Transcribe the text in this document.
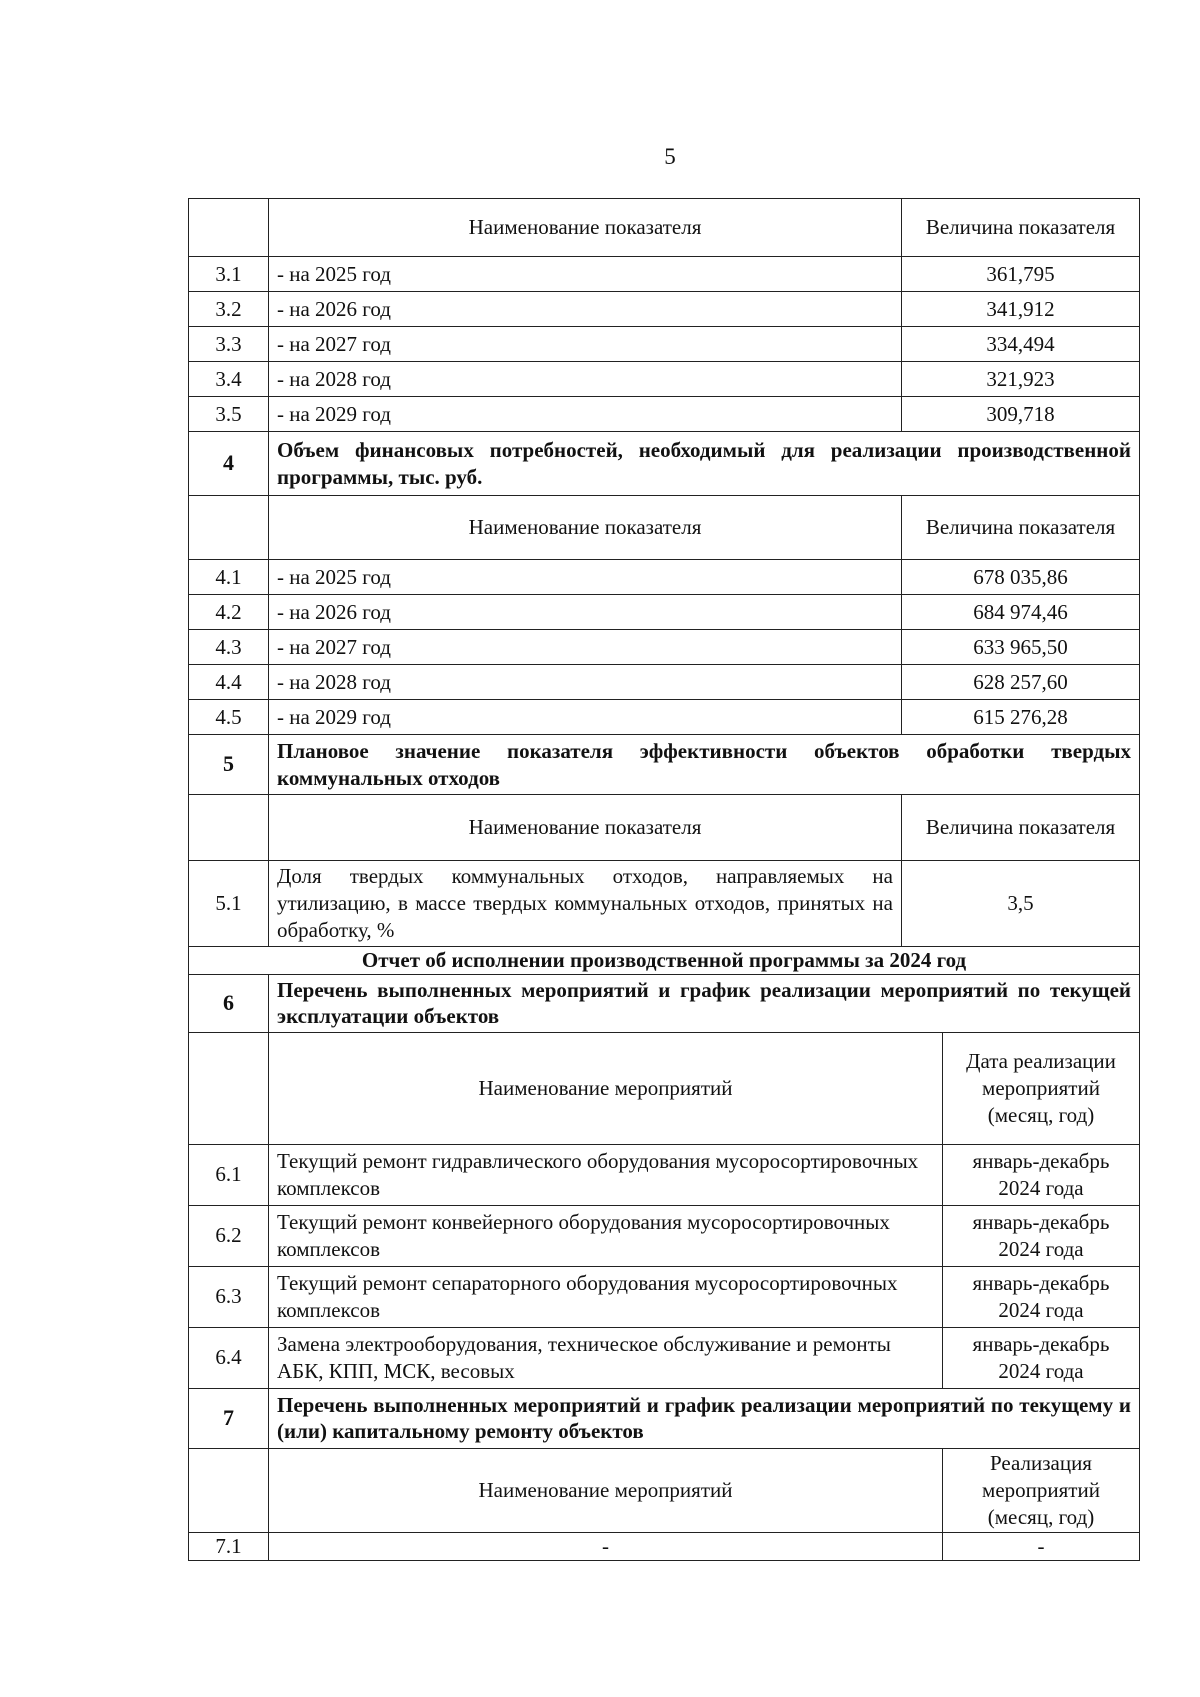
5
	Наименование показателя	Величина показателя	
3.1	- на 2025 год	361,795	
3.2	- на 2026 год	341,912	
3.3	- на 2027 год	334,494	
3.4	- на 2028 год	321,923	
3.5	- на 2029 год	309,718	
4	Объем финансовых потребностей, необходимый для реализации производственной программы, тыс. руб.		
	Наименование показателя	Величина показателя	
4.1	- на 2025 год	678 035,86	
4.2	- на 2026 год	684 974,46	
4.3	- на 2027 год	633 965,50	
4.4	- на 2028 год	628 257,60	
4.5	- на 2029 год	615 276,28	
5	Плановое значение показателя эффективности объектов обработки твердых коммунальных отходов		
	Наименование показателя	Величина показателя	
5.1	Доля твердых коммунальных отходов, направляемых на утилизацию, в массе твердых коммунальных отходов, принятых на обработку, %	3,5	
Отчет об исполнении производственной программы за 2024 год			
6	Перечень выполненных мероприятий и график реализации мероприятий по текущей эксплуатации объектов		
	Наименование мероприятий		Дата реализации мероприятий (месяц, год)
6.1	Текущий ремонт гидравлического оборудования мусоросортировочных комплексов		январь-декабрь 2024 года
6.2	Текущий ремонт конвейерного оборудования мусоросортировочных комплексов		январь-декабрь 2024 года
6.3	Текущий ремонт сепараторного оборудования мусоросортировочных комплексов		январь-декабрь 2024 года
6.4	Замена электрооборудования, техническое обслуживание и ремонты АБК, КПП, МСК, весовых		январь-декабрь 2024 года
7	Перечень выполненных мероприятий и график реализации мероприятий по текущему и (или) капитальному ремонту объектов		
	Наименование мероприятий		Реализация мероприятий (месяц, год)
7.1	-		-
